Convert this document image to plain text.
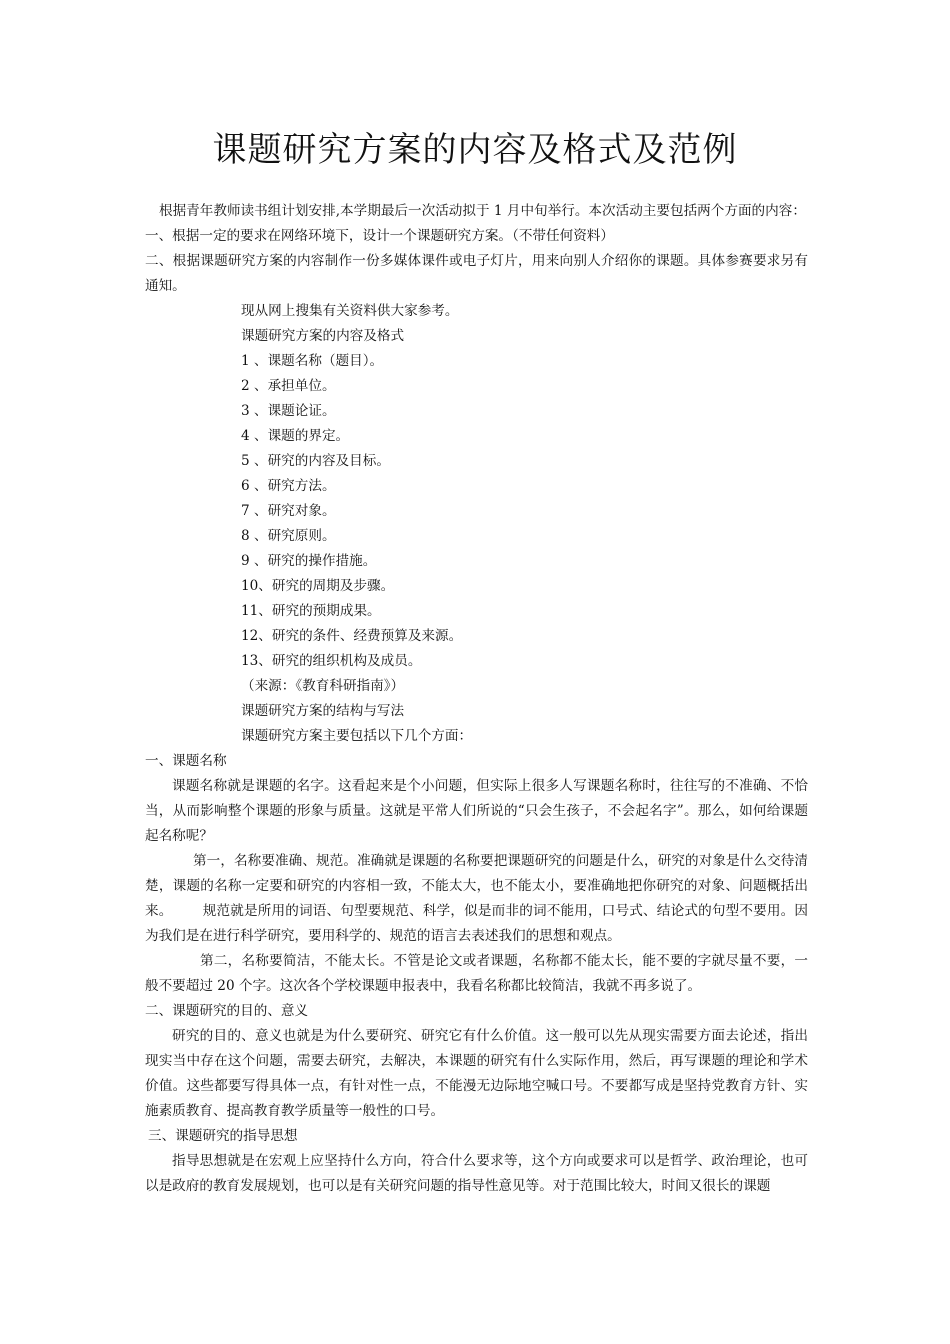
课题研究方案的内容及格式及范例

根据青年教师读书组计划安排,本学期最后一次活动拟于 1 月中旬举行。本次活动主要包括两个方面的内容：

一、根据一定的要求在网络环境下，设计一个课题研究方案。（不带任何资料）

二、根据课题研究方案的内容制作一份多媒体课件或电子灯片，用来向别人介绍你的课题。具体参赛要求另有通知。

现从网上搜集有关资料供大家参考。

课题研究方案的内容及格式

1 、课题名称（题目）。

2 、承担单位。

3 、课题论证。

4 、课题的界定。

5 、研究的内容及目标。

6 、研究方法。

7 、研究对象。

8 、研究原则。

9 、研究的操作措施。

10、研究的周期及步骤。

11、研究的预期成果。

12、研究的条件、经费预算及来源。

13、研究的组织机构及成员。

（来源：《教育科研指南》）

课题研究方案的结构与写法

课题研究方案主要包括以下几个方面：

一、课题名称

课题名称就是课题的名字。这看起来是个小问题，但实际上很多人写课题名称时，往往写的不准确、不恰当，从而影响整个课题的形象与质量。这就是平常人们所说的“只会生孩子，不会起名字”。那么，如何给课题起名称呢？

第一，名称要准确、规范。准确就是课题的名称要把课题研究的问题是什么，研究的对象是什么交待清楚，课题的名称一定要和研究的内容相一致，不能太大，也不能太小，要准确地把你研究的对象、问题概括出来。 规范就是所用的词语、句型要规范、科学，似是而非的词不能用，口号式、结论式的句型不要用。因为我们是在进行科学研究，要用科学的、规范的语言去表述我们的思想和观点。

第二，名称要简洁，不能太长。不管是论文或者课题，名称都不能太长，能不要的字就尽量不要，一般不要超过 20 个字。这次各个学校课题申报表中，我看名称都比较简洁，我就不再多说了。

二、课题研究的目的、意义

研究的目的、意义也就是为什么要研究、研究它有什么价值。这一般可以先从现实需要方面去论述，指出现实当中存在这个问题，需要去研究，去解决，本课题的研究有什么实际作用，然后，再写课题的理论和学术价值。这些都要写得具体一点，有针对性一点，不能漫无边际地空喊口号。不要都写成是坚持党教育方针、实施素质教育、提高教育教学质量等一般性的口号。

三、课题研究的指导思想

指导思想就是在宏观上应坚持什么方向，符合什么要求等，这个方向或要求可以是哲学、政治理论，也可以是政府的教育发展规划，也可以是有关研究问题的指导性意见等。对于范围比较大，时间又很长的课题
